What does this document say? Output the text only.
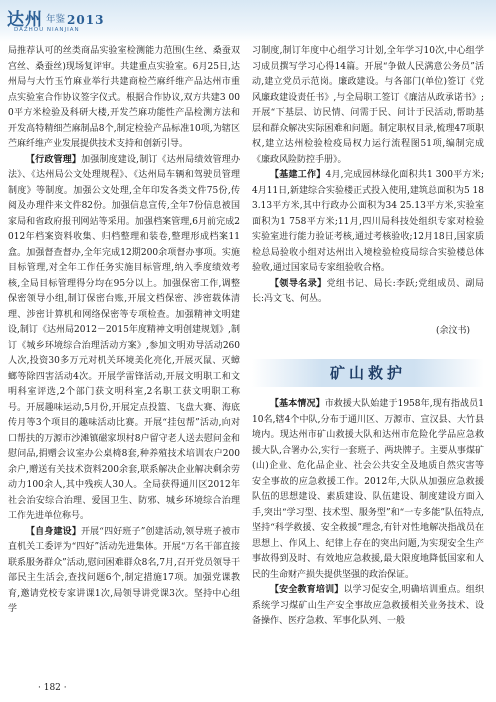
达州 年鉴 2013
DAZHOU NIANJIAN

局推荐认可的丝类商品实验室检测能力范围(生丝、桑蚕双宫丝、桑蚕丝)现场复评审。共建重点实验室。6月25日,达州局与大竹玉竹麻业举行共建商检苎麻纤维产品达州市重点实验室合作协议签字仪式。根据合作协议,双方共建3 000平方米检验及科研大楼,开发苎麻功能性产品检测方法和开发高特精细苎麻制品8个,制定检验产品标准10项,为辖区苎麻纤维产业发展提供技术支持和创新引导。

【行政管理】加强制度建设,制订《达州局绩效管理办法》、《达州局公文处理规程》、《达州局车辆和驾驶员管理制度》等制度。加强公文处理,全年印发各类文件75份,传阅及办理件来文件82份。加强信息宣传,全年7份信息被国家局和省政府报刊网站等采用。加强档案管理,6月前完成2012年档案资料收集、归档整理和装卷,整理形成档案11盒。加强督查督办,全年完成12期200余项督办事项。实施目标管理,对全年工作任务实施目标管理,纳入季度绩效考核,全局目标管理得分均在95分以上。加强保密工作,调整保密领导小组,制订保密台账,开展文档保密、涉密载体清理、涉密计算机和网络保密等专项检查。加强精神文明建设,制订《达州局2012－2015年度精神文明创建规划》,制订《城乡环境综合治理活动方案》,参加文明劝导活动260人次,投资30多万元对机关环境美化亮化,开展灭鼠、灭蟑螂等除四害活动4次。开展学雷锋活动,开展文明职工和文明科室评选,2个部门获文明科室,2名职工获文明职工称号。开展趣味运动,5月份,开展定点投篮、飞盘大赛、海底传月等3个项目的趣味活动比赛。开展“挂包帮”活动,向对口帮扶的万源市沙滩镇磁家坝村8户留守老人送去慰问金和慰问品,捐赠会议室办公桌椅8套,种养殖技术培训农户200余户,赠送有关技术资料200余套,联系解决企业解决剩余劳动力100余人,其中残疾人30人。全局获得通川区2012年社会治安综合治理、爱国卫生、防邪、城乡环境综合治理工作先进单位称号。

【自身建设】开展“四好班子”创建活动,领导班子被市直机关工委评为“四好”活动先进集体。开展“万名干部直接联系服务群众”活动,慰问困难群众8名,7月,召开党员领导干部民主生活会,查找问题6个,制定措施17项。加强党课教育,邀请党校专家讲课1次,局领导讲党课3次。坚持中心组学

习制度,制订年度中心组学习计划,全年学习10次,中心组学习成员撰写学习心得14篇。开展“争做人民满意公务员”活动,建立党员示范岗。廉政建设。与各部门(单位)签订《党风廉政建设责任书》,与全局职工签订《廉洁从政承诺书》;开展“下基层、访民情、问需于民、问计于民活动,帮助基层和群众解决实际困难和问题。制定职权目录,梳理47项职权,建立达州检验检疫局权力运行流程图51项,编制完成《廉政风险防控手册》。

【基建工作】4月,完成园林绿化面积共1 300平方米;4月11日,新建综合实验楼正式投入使用,建筑总面积为5 183.13平方米,其中行政办公面积为34 25.13平方米,实验室面积为1 758平方米;11月,四川局科技处组织专家对检验实验室进行能力验证考核,通过考核验收;12月18日,国家质检总局验收小组对达州出入境检验检疫局综合实验楼总体验收,通过国家局专家组验收合格。

【领导名录】党组书记、局长:李跃;党组成员、副局长:冯文飞、何丛。

(余汶书)
矿山救护

【基本情况】市救援大队始建于1958年,现有指战员110名,辖4个中队,分布于通川区、万源市、宣汉县、大竹县境内。现达州市矿山救援大队和达州市危险化学品应急救援大队,合署办公,实行一套班子、两块牌子。主要从事煤矿(山)企业、危化品企业、社会公共安全及地质自然灾害等安全事故的应急救援工作。2012年,大队从加强应急救援队伍的思想建设、素质建设、队伍建设、制度建设方面入手,突出“学习型、技术型、服务型”和“一专多能”队伍特点,坚持“科学救援、安全救援”理念,有针对性地解决指战员在思想上、作风上、纪律上存在的突出问题,为实现安全生产事故得到及时、有效地应急救援,最大限度地降低国家和人民的生命财产损失提供坚强的政治保证。

【安全教育培训】以学习促安全,明确培训重点。组织系统学习煤矿山生产安全事故应急救援相关业务技术、设备操作、医疗急救、军事化队列、一般

· 182 ·
